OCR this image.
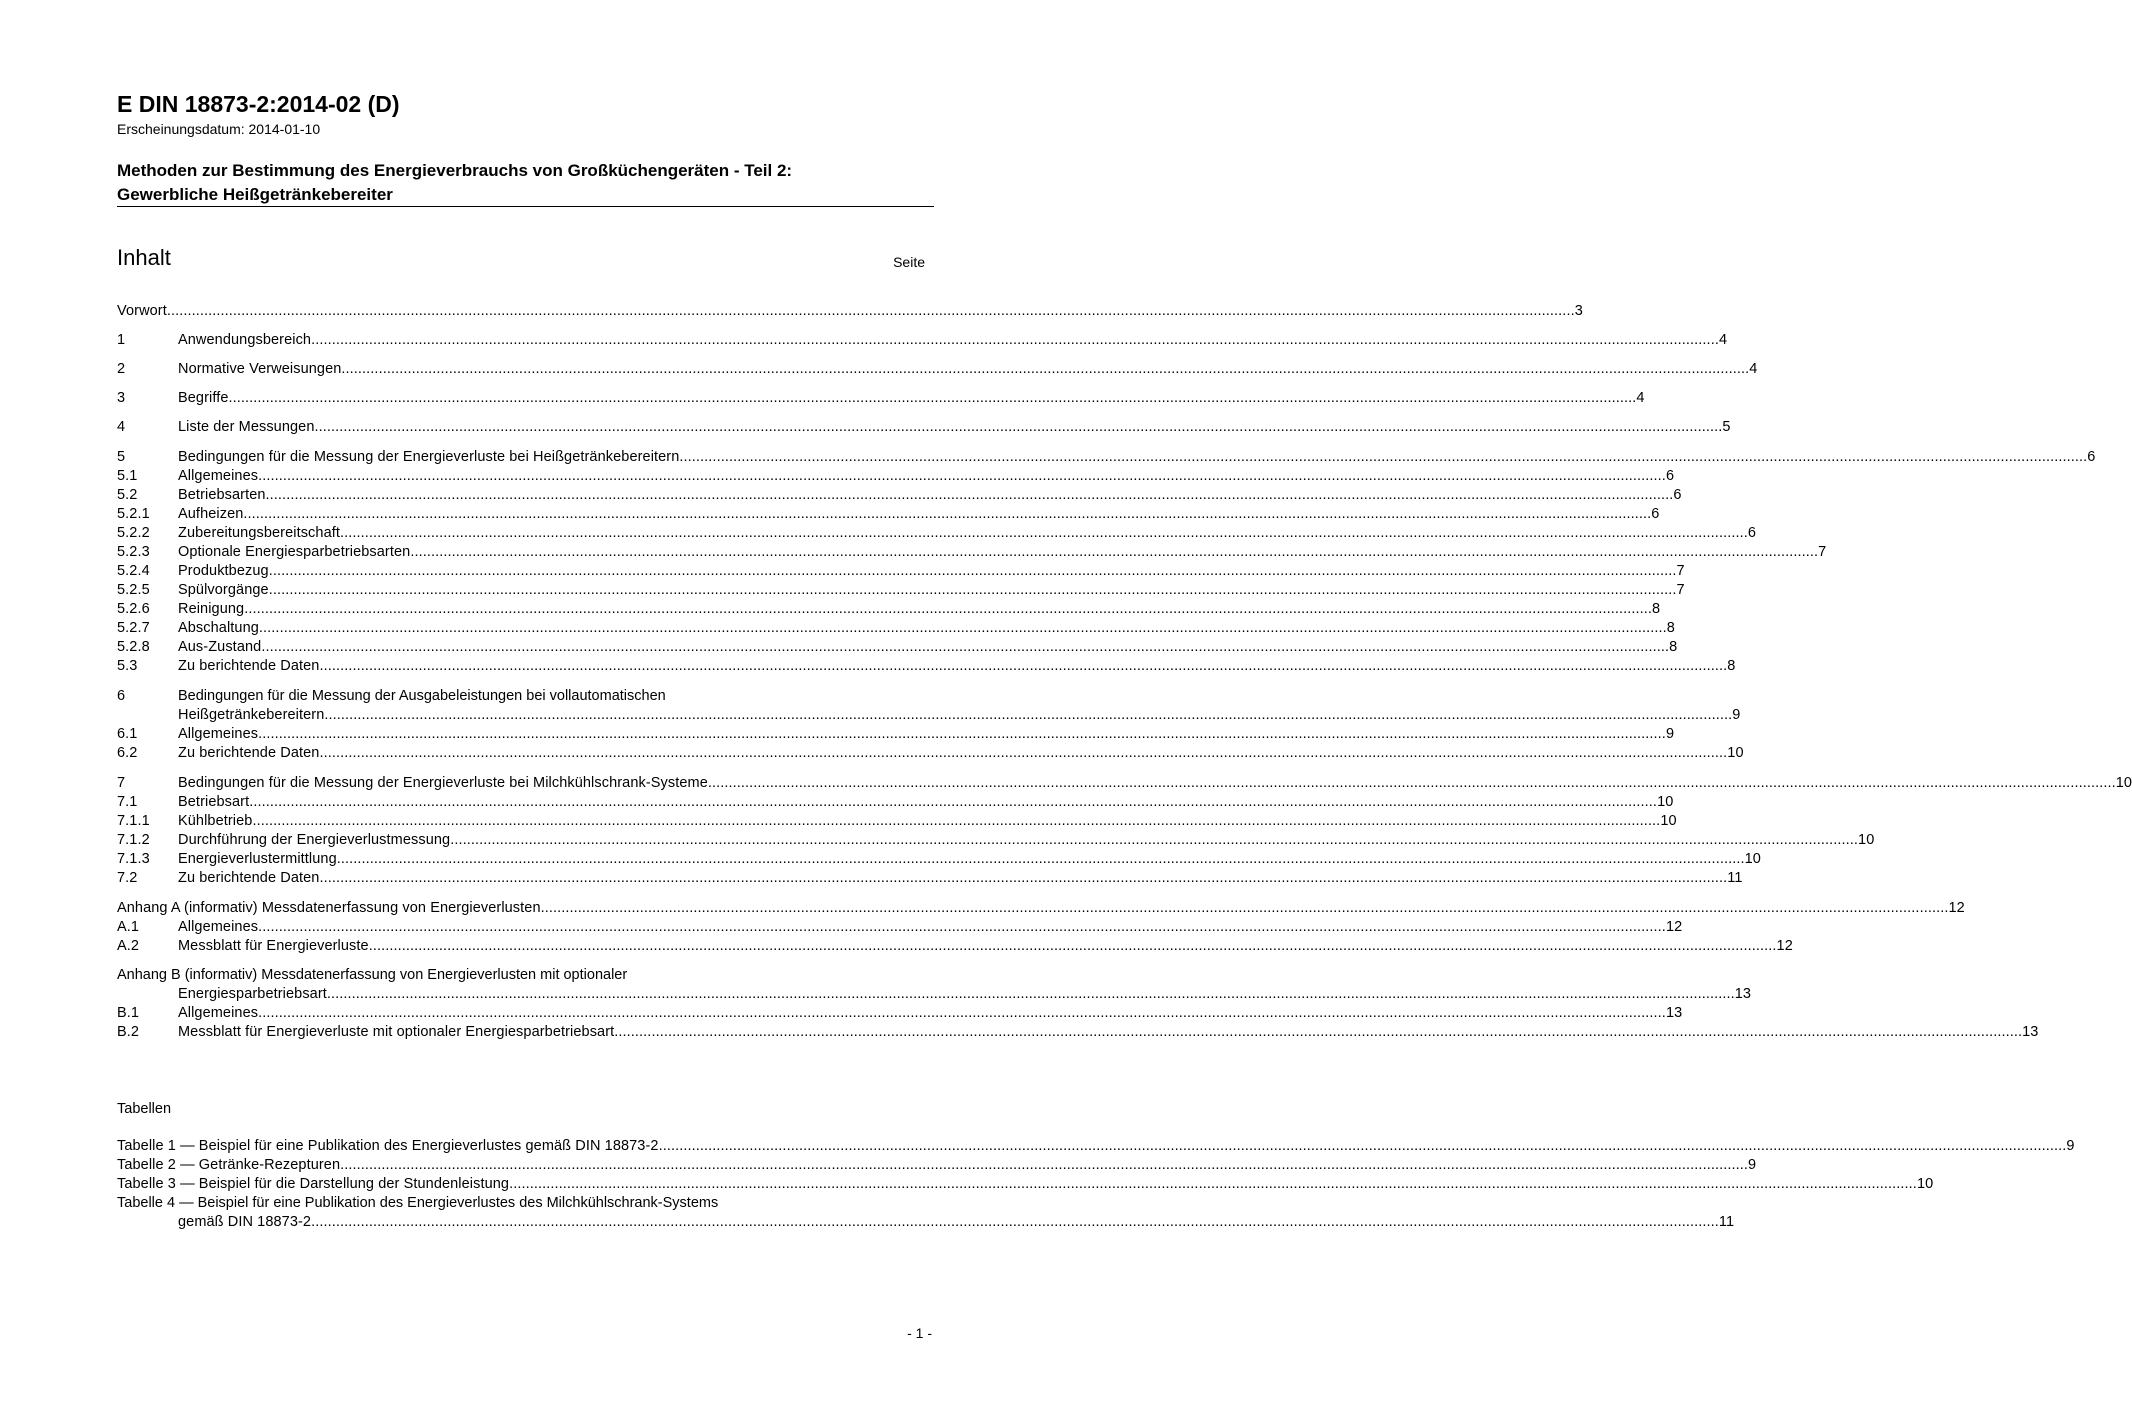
E DIN 18873-2:2014-02 (D)
Erscheinungsdatum: 2014-01-10
Methoden zur Bestimmung des Energieverbrauchs von Großküchengeräten - Teil 2:
Gewerbliche Heißgetränkebereiter
Inhalt	Seite
Vorwort .....	3
1	Anwendungsbereich .....	4
2	Normative Verweisungen .....	4
3	Begriffe .....	4
4	Liste der Messungen .....	5
5	Bedingungen für die Messung der Energieverluste bei Heißgetränkebereitern .....	6
5.1	Allgemeines .....	6
5.2	Betriebsarten .....	6
5.2.1	Aufheizen .....	6
5.2.2	Zubereitungsbereitschaft .....	6
5.2.3	Optionale Energiesparbetriebsarten .....	7
5.2.4	Produktbezug .....	7
5.2.5	Spülvorgänge .....	7
5.2.6	Reinigung .....	8
5.2.7	Abschaltung .....	8
5.2.8	Aus-Zustand .....	8
5.3	Zu berichtende Daten .....	8
6	Bedingungen für die Messung der Ausgabeleistungen bei vollautomatischen
Heißgetränkebereitern .....	9
6.1	Allgemeines .....	9
6.2	Zu berichtende Daten .....	10
7	Bedingungen für die Messung der Energieverluste bei Milchkühlschrank-Systeme .....	10
7.1	Betriebsart .....	10
7.1.1	Kühlbetrieb .....	10
7.1.2	Durchführung der Energieverlustmessung .....	10
7.1.3	Energieverlustermittlung .....	10
7.2	Zu berichtende Daten .....	11
Anhang A (informativ) Messdatenerfassung von Energieverlusten .....	12
A.1	Allgemeines .....	12
A.2	Messblatt für Energieverluste .....	12
Anhang B (informativ) Messdatenerfassung von Energieverlusten mit optionaler
Energiesparbetriebsart .....	13
B.1	Allgemeines .....	13
B.2	Messblatt für Energieverluste mit optionaler Energiesparbetriebsart .....	13
Tabellen
Tabelle 1 — Beispiel für eine Publikation des Energieverlustes gemäß DIN 18873-2 .....	9
Tabelle 2 — Getränke-Rezepturen .....	9
Tabelle 3 — Beispiel für die Darstellung der Stundenleistung .....	10
Tabelle 4 — Beispiel für eine Publikation des Energieverlustes des Milchkühlschrank-Systems
gemäß DIN 18873-2 .....	11
- 1 -
